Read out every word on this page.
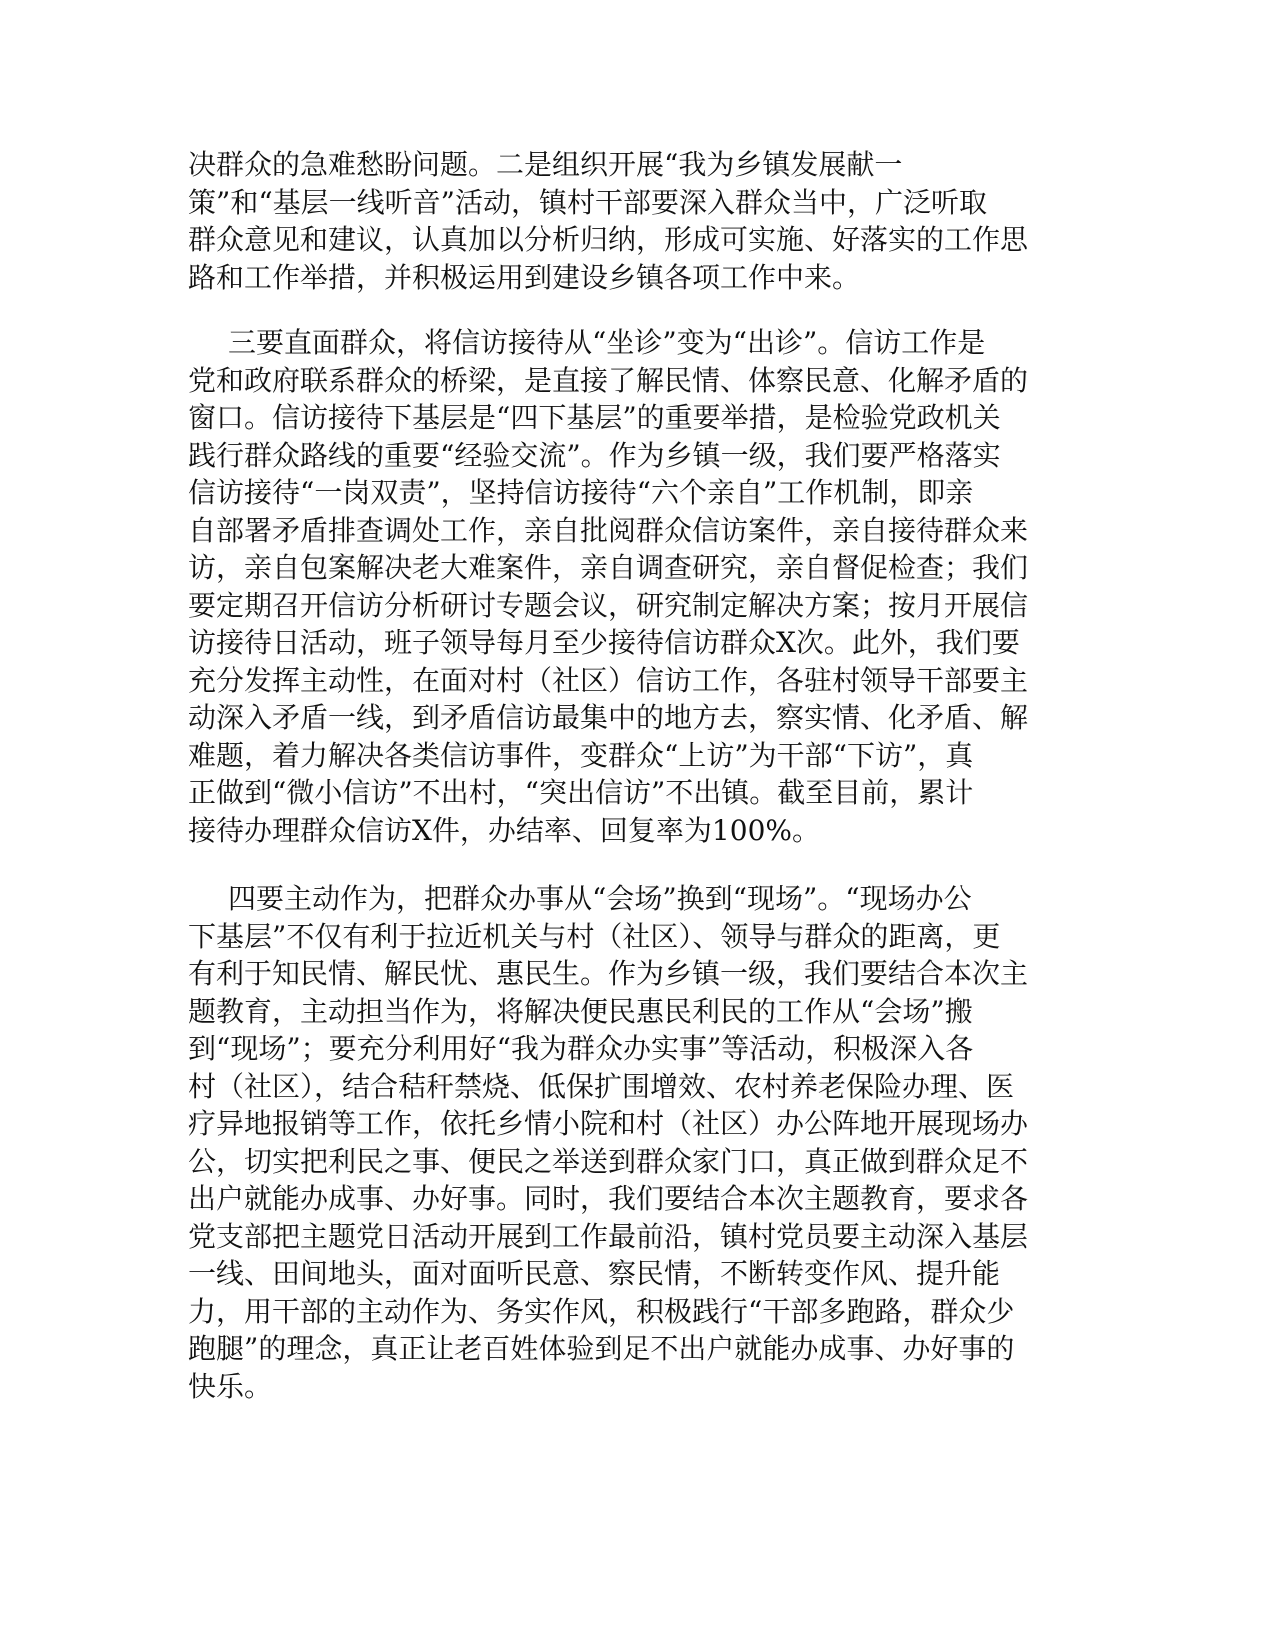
决群众的急难愁盼问题。二是组织开展“我为乡镇发展献一
策”和“基层一线听音”活动，镇村干部要深入群众当中，广泛听取
群众意见和建议，认真加以分析归纳，形成可实施、好落实的工作思
路和工作举措，并积极运用到建设乡镇各项工作中来。
三要直面群众，将信访接待从“坐诊”变为“出诊”。信访工作是
党和政府联系群众的桥梁，是直接了解民情、体察民意、化解矛盾的
窗口。信访接待下基层是“四下基层”的重要举措，是检验党政机关
践行群众路线的重要“经验交流”。作为乡镇一级，我们要严格落实
信访接待“一岗双责”，坚持信访接待“六个亲自”工作机制，即亲
自部署矛盾排查调处工作，亲自批阅群众信访案件，亲自接待群众来
访，亲自包案解决老大难案件，亲自调查研究，亲自督促检查；我们
要定期召开信访分析研讨专题会议，研究制定解决方案；按月开展信
访接待日活动，班子领导每月至少接待信访群众X次。此外，我们要
充分发挥主动性，在面对村（社区）信访工作，各驻村领导干部要主
动深入矛盾一线，到矛盾信访最集中的地方去，察实情、化矛盾、解
难题，着力解决各类信访事件，变群众“上访”为干部“下访”，真
正做到“微小信访”不出村，“突出信访”不出镇。截至目前，累计
接待办理群众信访X件，办结率、回复率为100%。
四要主动作为，把群众办事从“会场”换到“现场”。“现场办公
下基层”不仅有利于拉近机关与村（社区）、领导与群众的距离，更
有利于知民情、解民忧、惠民生。作为乡镇一级，我们要结合本次主
题教育，主动担当作为，将解决便民惠民利民的工作从“会场”搬
到“现场”；要充分利用好“我为群众办实事”等活动，积极深入各
村（社区），结合秸秆禁烧、低保扩围增效、农村养老保险办理、医
疗异地报销等工作，依托乡情小院和村（社区）办公阵地开展现场办
公，切实把利民之事、便民之举送到群众家门口，真正做到群众足不
出户就能办成事、办好事。同时，我们要结合本次主题教育，要求各
党支部把主题党日活动开展到工作最前沿，镇村党员要主动深入基层
一线、田间地头，面对面听民意、察民情，不断转变作风、提升能
力，用干部的主动作为、务实作风，积极践行“干部多跑路，群众少
跑腿”的理念，真正让老百姓体验到足不出户就能办成事、办好事的
快乐。
